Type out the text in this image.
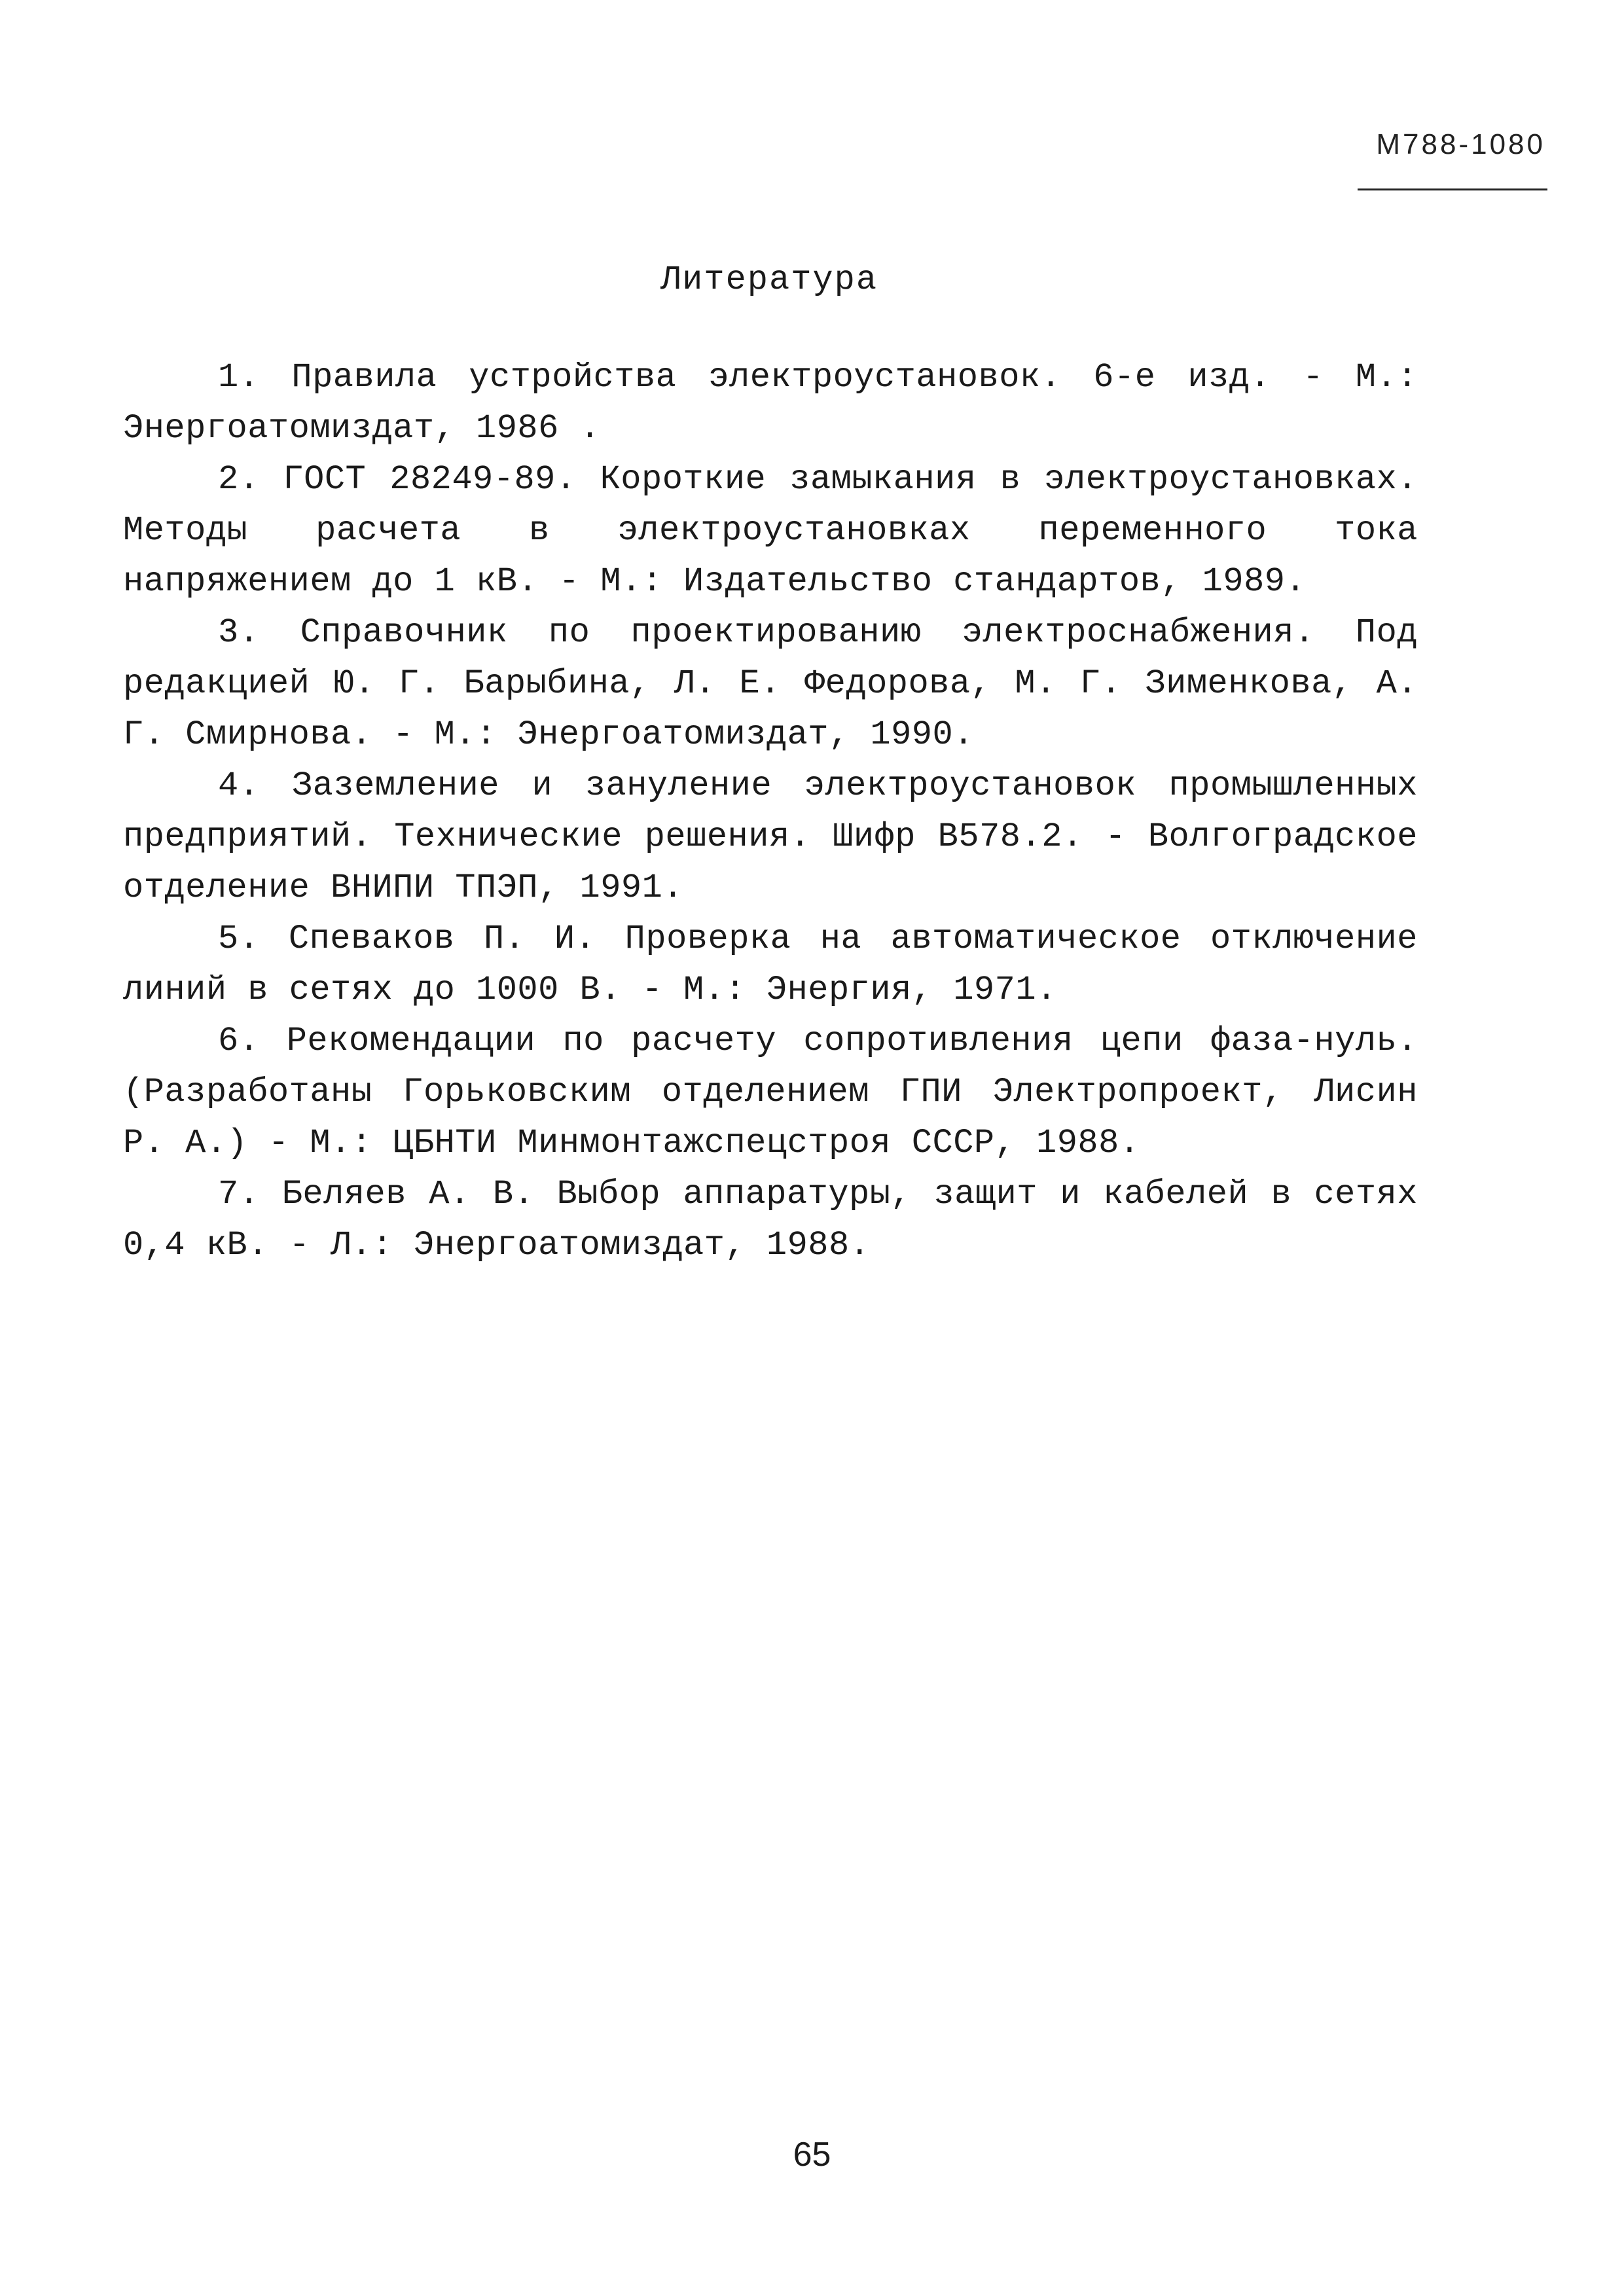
М788-1080
Литература
1. Правила устройства электроустановок. 6-е изд. - М.: Энергоатомиздат, 1986 .
2. ГОСТ 28249-89. Короткие замыкания в электроустановках. Методы расчета в электроустановках переменного тока напряжением до 1 кВ. - М.: Издательство стандартов, 1989.
3. Справочник по проектированию электроснабжения. Под редакцией Ю. Г. Барыбина, Л. Е. Федорова, М. Г. Зименкова, А. Г. Смирнова. - М.: Энергоатомиздат, 1990.
4. Заземление и зануление электроустановок промышленных предприятий. Технические решения. Шифр В578.2. - Волгоградское отделение ВНИПИ ТПЭП, 1991.
5. Спеваков П. И. Проверка на автоматическое отключение линий в сетях до 1000 В. - М.: Энергия, 1971.
6. Рекомендации по расчету сопротивления цепи фаза-нуль. (Разработаны Горьковским отделением ГПИ Электропроект, Лисин Р. А.) - М.: ЦБНТИ Минмонтажспецстроя СССР, 1988.
7. Беляев А. В. Выбор аппаратуры, защит и кабелей в сетях 0,4 кВ. - Л.: Энергоатомиздат, 1988.
65
